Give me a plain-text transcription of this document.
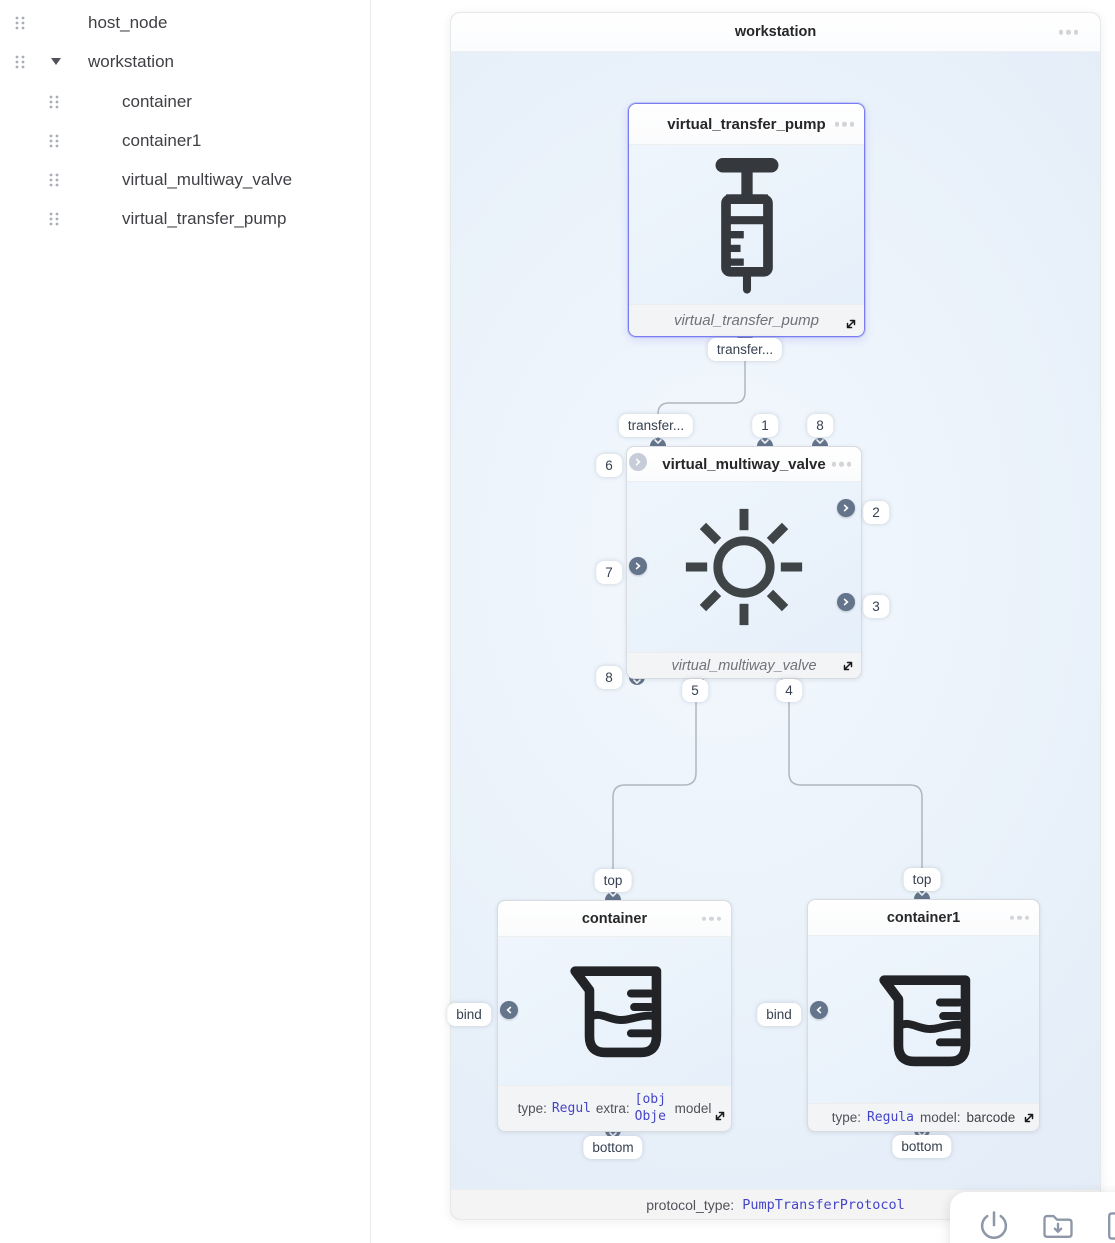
host_node
workstation
container
container1
virtual_multiway_valve
virtual_transfer_pump
workstation
protocol_type: PumpTransferProtocol
virtual_transfer_pump
virtual_transfer_pump
virtual_multiway_valve
virtual_multiway_valve
container
type: Regul extra:
[obj Obje model
container1
type: Regula model: barcode
transfer...
transfer...	1	8
6
2
7
3
8
5	4
top	top
bind	bind
bottom	bottom
